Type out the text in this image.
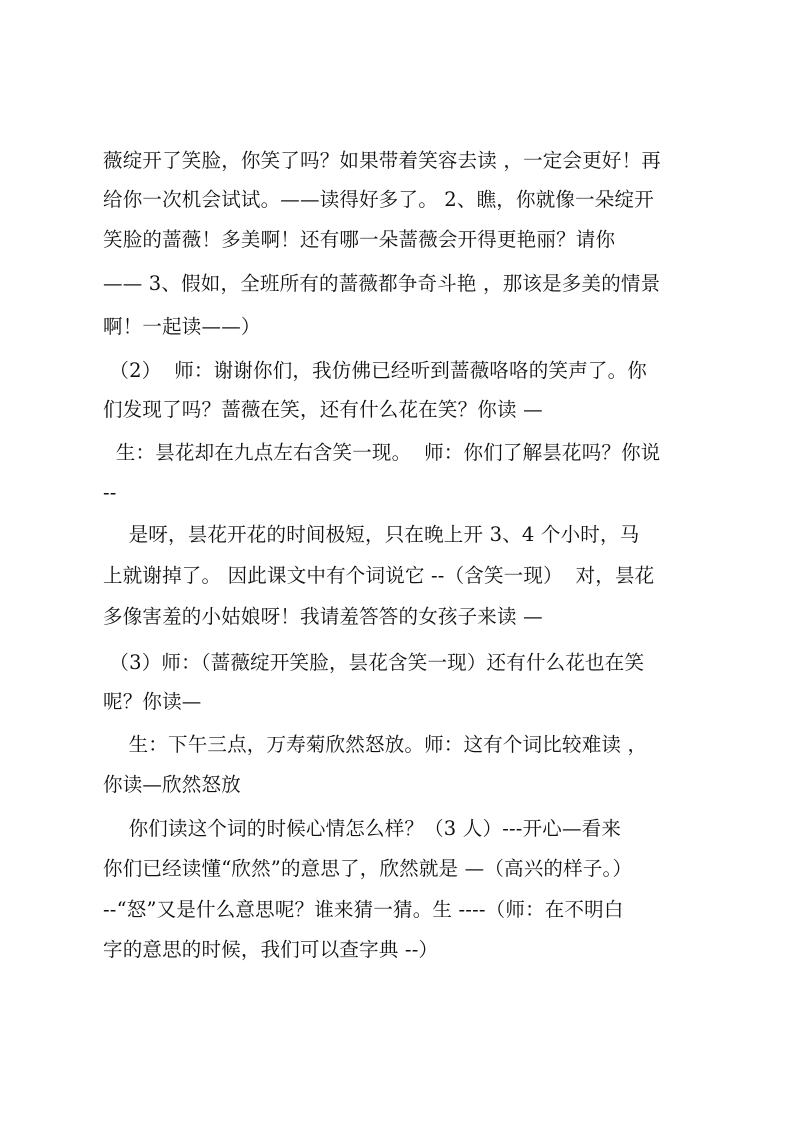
薇绽开了笑脸，你笑了吗？如果带着笑容去读 ，一定会更好！再
给你一次机会试试。——读得好多了。 2、瞧，你就像一朵绽开
笑脸的蔷薇！多美啊！还有哪一朵蔷薇会开得更艳丽？请你
—— 3、假如，全班所有的蔷薇都争奇斗艳 ，那该是多美的情景
啊！一起读——）
（2）  师：谢谢你们，我仿佛已经听到蔷薇咯咯的笑声了。你
们发现了吗？蔷薇在笑，还有什么花在笑？你读 —
生：昙花却在九点左右含笑一现。  师：你们了解昙花吗？你说
--
是呀，昙花开花的时间极短，只在晚上开 3、4 个小时，马
上就谢掉了。 因此课文中有个词说它 --（含笑一现）  对，昙花
多像害羞的小姑娘呀！我请羞答答的女孩子来读 —
（3）师：（蔷薇绽开笑脸，昙花含笑一现）还有什么花也在笑
呢？你读—
生：下午三点，万寿菊欣然怒放。师：这有个词比较难读 ，
你读—欣然怒放
你们读这个词的时候心情怎么样？（3 人）---开心—看来
你们已经读懂“欣然”的意思了，欣然就是 —（高兴的样子。）
--“怒”又是什么意思呢？谁来猜一猜。生 ----（师：在不明白
字的意思的时候，我们可以查字典 --）
